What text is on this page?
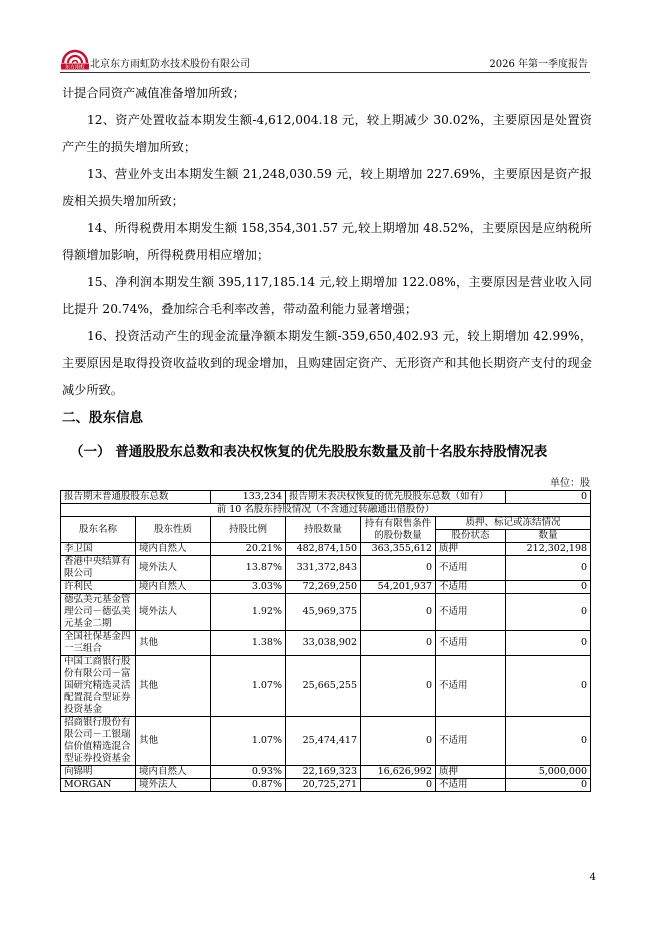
东方雨虹 北京东方雨虹防水技术股份有限公司	2026 年第一季度报告

计提合同资产减值准备增加所致；

12、资产处置收益本期发生额-4,612,004.18 元，较上期减少 30.02%，主要原因是处置资产产生的损失增加所致；

13、营业外支出本期发生额 21,248,030.59 元，较上期增加 227.69%，主要原因是资产报废相关损失增加所致；

14、所得税费用本期发生额 158,354,301.57 元,较上期增加 48.52%，主要原因是应纳税所得额增加影响，所得税费用相应增加；

15、净利润本期发生额 395,117,185.14 元,较上期增加 122.08%，主要原因是营业收入同比提升 20.74%，叠加综合毛利率改善，带动盈利能力显著增强；

16、投资活动产生的现金流量净额本期发生额-359,650,402.93 元，较上期增加 42.99%，主要原因是取得投资收益收到的现金增加，且购建固定资产、无形资产和其他长期资产支付的现金减少所致。

二、股东信息
（一） 普通股股东总数和表决权恢复的优先股股东数量及前十名股东持股情况表
单位：股
报告期末普通股股东总数		133,234	报告期末表决权恢复的优先股股东总数（如有）			0
前 10 名股东持股情况（不含通过转融通出借股份）						
股东名称	股东性质	持股比例	持股数量	持有有限售条件的股份数量	质押、标记或冻结情况	
					股份状态	数量
李卫国	境内自然人	20.21%	482,874,150	363,355,612	质押	212,302,198
香港中央结算有限公司	境外法人	13.87%	331,372,843	0	不适用	0
许利民	境内自然人	3.03%	72,269,250	54,201,937	不适用	0
德弘美元基金管理公司－德弘美元基金二期	境外法人	1.92%	45,969,375	0	不适用	0
全国社保基金四一三组合	其他	1.38%	33,038,902	0	不适用	0
中国工商银行股份有限公司－富国研究精选灵活配置混合型证券投资基金	其他	1.07%	25,665,255	0	不适用	0
招商银行股份有限公司－工银瑞信价值精选混合型证券投资基金	其他	1.07%	25,474,417	0	不适用	0
向锦明	境内自然人	0.93%	22,169,323	16,626,992	质押	5,000,000
MORGAN	境外法人	0.87%	20,725,271	0	不适用	0
4
